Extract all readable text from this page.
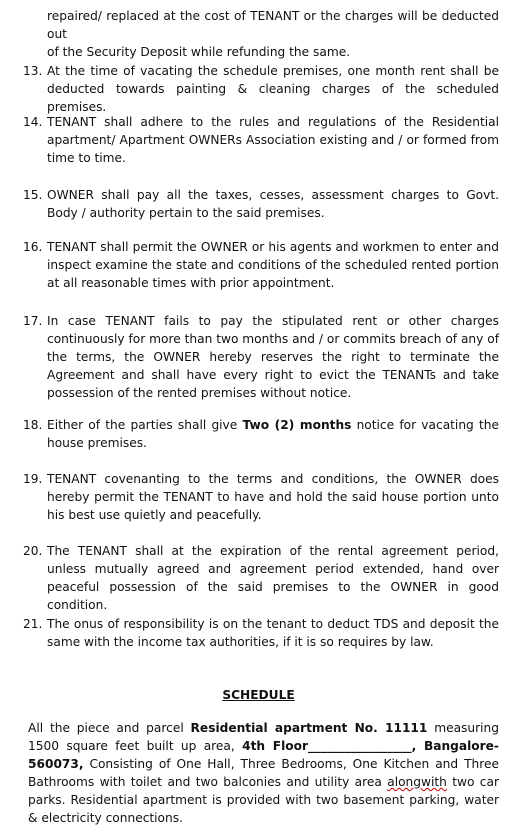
repaired/ replaced at the cost of TENANT or the charges will be deducted out
of the Security Deposit while refunding the same.
13. At the time of vacating the schedule premises, one month rent shall be deducted towards painting & cleaning charges of the scheduled premises.
14. TENANT shall adhere to the rules and regulations of the Residential apartment/ Apartment OWNERs Association existing and / or formed from time to time.
15. OWNER shall pay all the taxes, cesses, assessment charges to Govt. Body / authority pertain to the said premises.
16. TENANT shall permit the OWNER or his agents and workmen to enter and inspect examine the state and conditions of the scheduled rented portion at all reasonable times with prior appointment.
17. In case TENANT fails to pay the stipulated rent or other charges continuously for more than two months and / or commits breach of any of the terms, the OWNER hereby reserves the right to terminate the Agreement and shall have every right to evict the TENANTs and take possession of the rented premises without notice.
18. Either of the parties shall give Two (2) months notice for vacating the house premises.
19. TENANT covenanting to the terms and conditions, the OWNER does hereby permit the TENANT to have and hold the said house portion unto his best use quietly and peacefully.
20. The TENANT shall at the expiration of the rental agreement period, unless mutually agreed and agreement period extended, hand over peaceful possession of the said premises to the OWNER in good condition.
21. The onus of responsibility is on the tenant to deduct TDS and deposit the same with the income tax authorities, if it is so requires by law.
SCHEDULE
All the piece and parcel Residential apartment No. 11111 measuring 1500 square feet built up area, 4th Floor_________________, Bangalore-560073, Consisting of One Hall, Three Bedrooms, One Kitchen and Three Bathrooms with toilet and two balconies and utility area alongwith two car parks. Residential apartment is provided with two basement parking, water & electricity connections.
